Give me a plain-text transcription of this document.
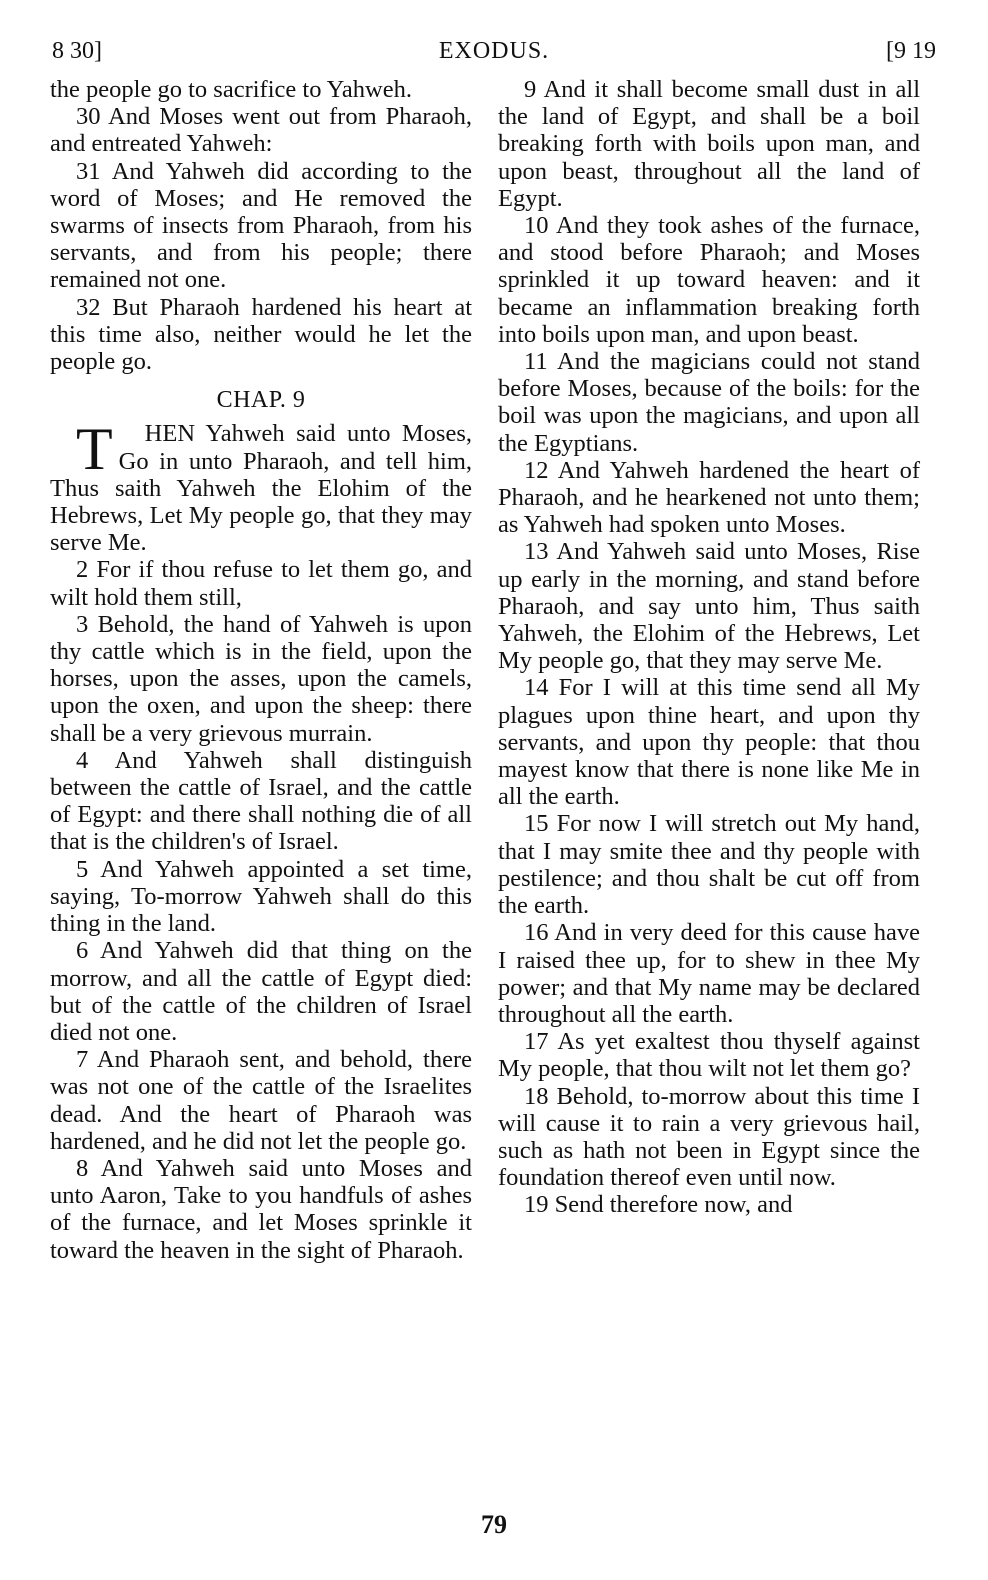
8 30]	EXODUS.	[9 19

the people go to sacrifice to Yahweh.

30 And Moses went out from Pharaoh, and entreated Yahweh:

31 And Yahweh did according to the word of Moses; and He removed the swarms of insects from Pharaoh, from his servants, and from his people; there remained not one.

32 But Pharaoh hardened his heart at this time also, neither would he let the people go.

CHAP. 9

T HEN Yahweh said unto Moses, Go in unto Pharaoh, and tell him, Thus saith Yahweh the Elohim of the Hebrews, Let My people go, that they may serve Me.

2 For if thou refuse to let them go, and wilt hold them still,

3 Behold, the hand of Yahweh is upon thy cattle which is in the field, upon the horses, upon the asses, upon the camels, upon the oxen, and upon the sheep: there shall be a very grievous murrain.

4 And Yahweh shall distinguish between the cattle of Israel, and the cattle of Egypt: and there shall nothing die of all that is the children's of Israel.

5 And Yahweh appointed a set time, saying, To-morrow Yahweh shall do this thing in the land.

6 And Yahweh did that thing on the morrow, and all the cattle of Egypt died: but of the cattle of the children of Israel died not one.

7 And Pharaoh sent, and behold, there was not one of the cattle of the Israelites dead. And the heart of Pharaoh was hardened, and he did not let the people go.

8 And Yahweh said unto Moses and unto Aaron, Take to you handfuls of ashes of the furnace, and let Moses sprinkle it toward the heaven in the sight of Pharaoh.

9 And it shall become small dust in all the land of Egypt, and shall be a boil breaking forth with boils upon man, and upon beast, throughout all the land of Egypt.

10 And they took ashes of the furnace, and stood before Pharaoh; and Moses sprinkled it up toward heaven: and it became an inflammation breaking forth into boils upon man, and upon beast.

11 And the magicians could not stand before Moses, because of the boils: for the boil was upon the magicians, and upon all the Egyptians.

12 And Yahweh hardened the heart of Pharaoh, and he hearkened not unto them; as Yahweh had spoken unto Moses.

13 And Yahweh said unto Moses, Rise up early in the morning, and stand before Pharaoh, and say unto him, Thus saith Yahweh, the Elohim of the Hebrews, Let My people go, that they may serve Me.

14 For I will at this time send all My plagues upon thine heart, and upon thy servants, and upon thy people: that thou mayest know that there is none like Me in all the earth.

15 For now I will stretch out My hand, that I may smite thee and thy people with pestilence; and thou shalt be cut off from the earth.

16 And in very deed for this cause have I raised thee up, for to shew in thee My power; and that My name may be declared throughout all the earth.

17 As yet exaltest thou thyself against My people, that thou wilt not let them go?

18 Behold, to-morrow about this time I will cause it to rain a very grievous hail, such as hath not been in Egypt since the foundation thereof even until now.

19 Send therefore now, and

79
